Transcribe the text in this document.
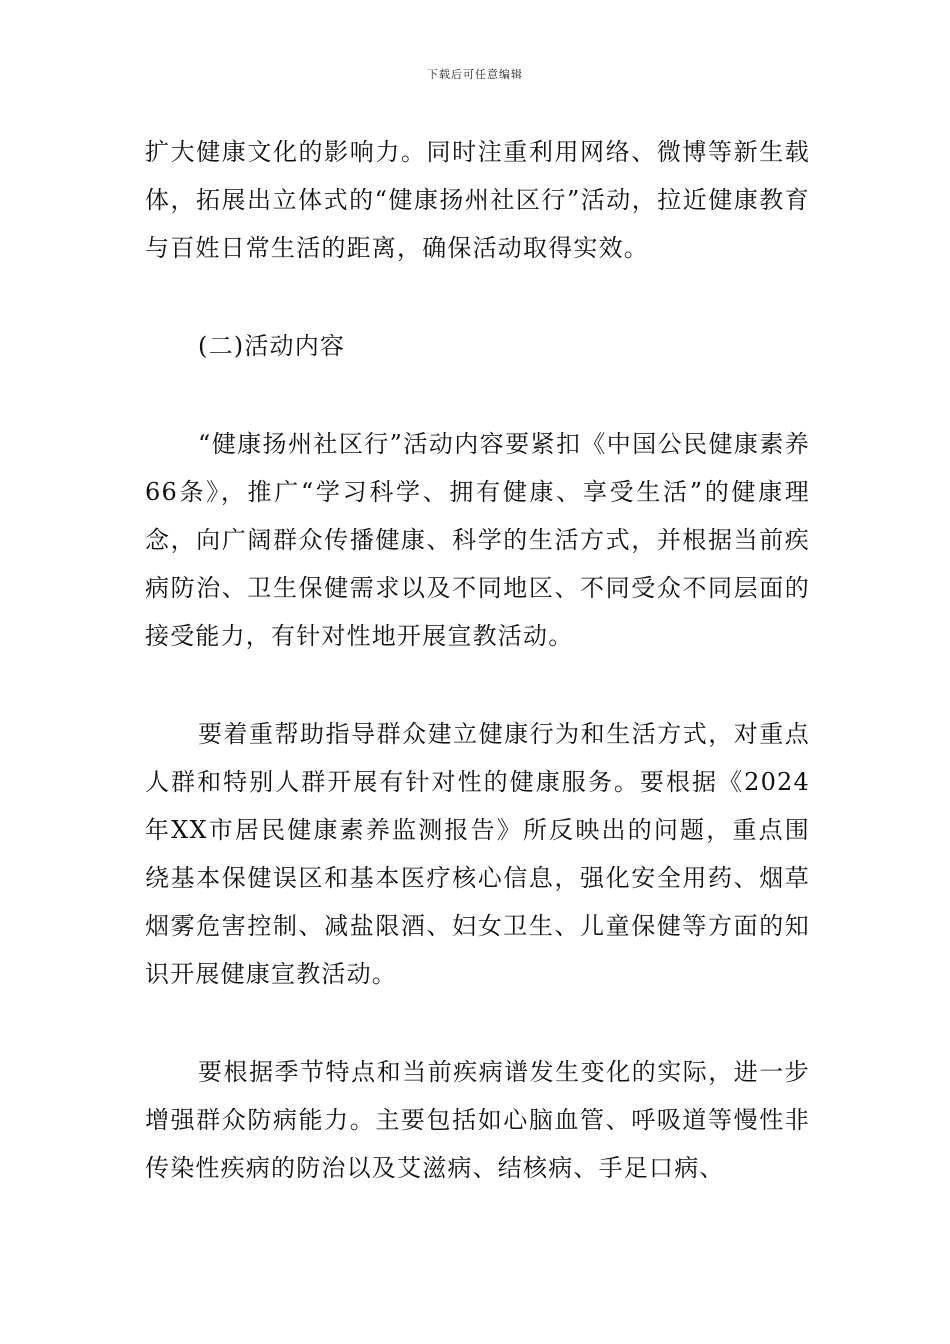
下载后可任意编辑

扩大健康文化的影响力。同时注重利用网络、微博等新生载体，拓展出立体式的“健康扬州社区行”活动，拉近健康教育与百姓日常生活的距离，确保活动取得实效。

(二)活动内容

“健康扬州社区行”活动内容要紧扣《中国公民健康素养66条》，推广“学习科学、拥有健康、享受生活”的健康理念，向广阔群众传播健康、科学的生活方式，并根据当前疾病防治、卫生保健需求以及不同地区、不同受众不同层面的接受能力，有针对性地开展宣教活动。

要着重帮助指导群众建立健康行为和生活方式，对重点人群和特别人群开展有针对性的健康服务。要根据《2024年XX市居民健康素养监测报告》所反映出的问题，重点围绕基本保健误区和基本医疗核心信息，强化安全用药、烟草烟雾危害控制、减盐限酒、妇女卫生、儿童保健等方面的知识开展健康宣教活动。

要根据季节特点和当前疾病谱发生变化的实际，进一步增强群众防病能力。主要包括如心脑血管、呼吸道等慢性非传染性疾病的防治以及艾滋病、结核病、手足口病、
